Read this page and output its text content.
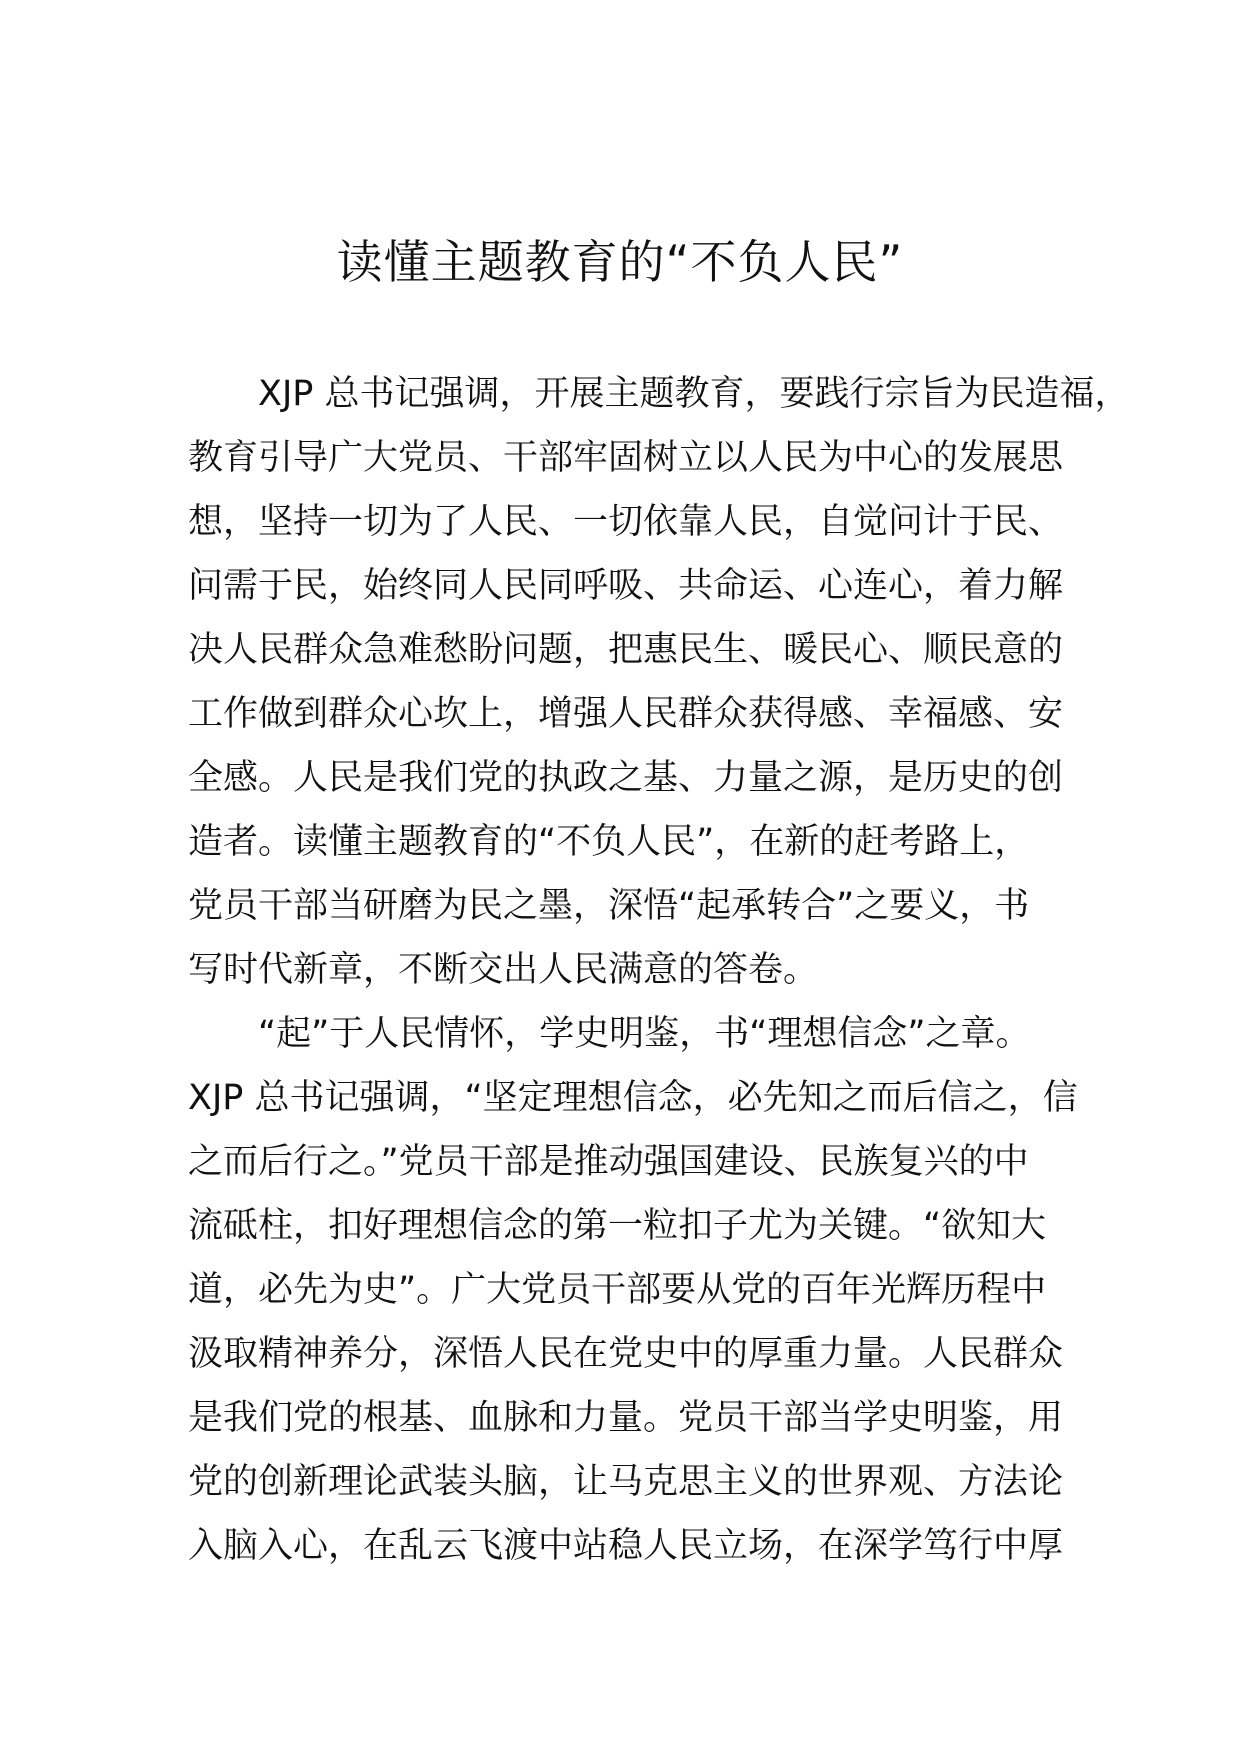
读懂主题教育的“不负人民”
XJP 总书记强调，开展主题教育，要践行宗旨为民造福，
教育引导广大党员、干部牢固树立以人民为中心的发展思
想，坚持一切为了人民、一切依靠人民，自觉问计于民、
问需于民，始终同人民同呼吸、共命运、心连心，着力解
决人民群众急难愁盼问题，把惠民生、暖民心、顺民意的
工作做到群众心坎上，增强人民群众获得感、幸福感、安
全感。人民是我们党的执政之基、力量之源，是历史的创
造者。读懂主题教育的“不负人民”，在新的赶考路上，
党员干部当研磨为民之墨，深悟“起承转合”之要义，书
写时代新章，不断交出人民满意的答卷。
“起”于人民情怀，学史明鉴，书“理想信念”之章。
XJP 总书记强调，“坚定理想信念，必先知之而后信之，信
之而后行之。”党员干部是推动强国建设、民族复兴的中
流砥柱，扣好理想信念的第一粒扣子尤为关键。“欲知大
道，必先为史”。广大党员干部要从党的百年光辉历程中
汲取精神养分，深悟人民在党史中的厚重力量。人民群众
是我们党的根基、血脉和力量。党员干部当学史明鉴，用
党的创新理论武装头脑，让马克思主义的世界观、方法论
入脑入心，在乱云飞渡中站稳人民立场，在深学笃行中厚
